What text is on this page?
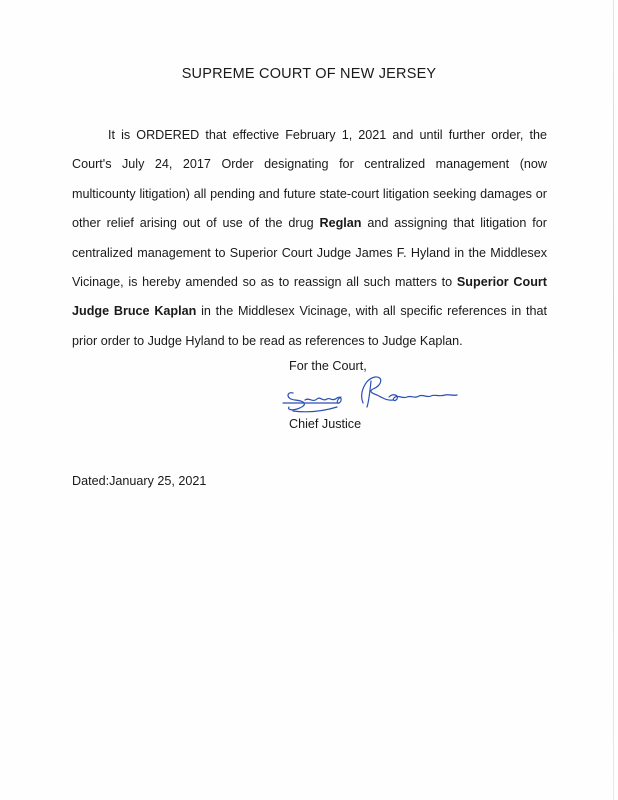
SUPREME COURT OF NEW JERSEY

It is ORDERED that effective February 1, 2021 and until further order, the Court's July 24, 2017 Order designating for centralized management (now multicounty litigation) all pending and future state-court litigation seeking damages or other relief arising out of use of the drug Reglan and assigning that litigation for centralized management to Superior Court Judge James F. Hyland in the Middlesex Vicinage, is hereby amended so as to reassign all such matters to Superior Court Judge Bruce Kaplan in the Middlesex Vicinage, with all specific references in that prior order to Judge Hyland to be read as references to Judge Kaplan.

For the Court,

Chief Justice

Dated:January 25, 2021
